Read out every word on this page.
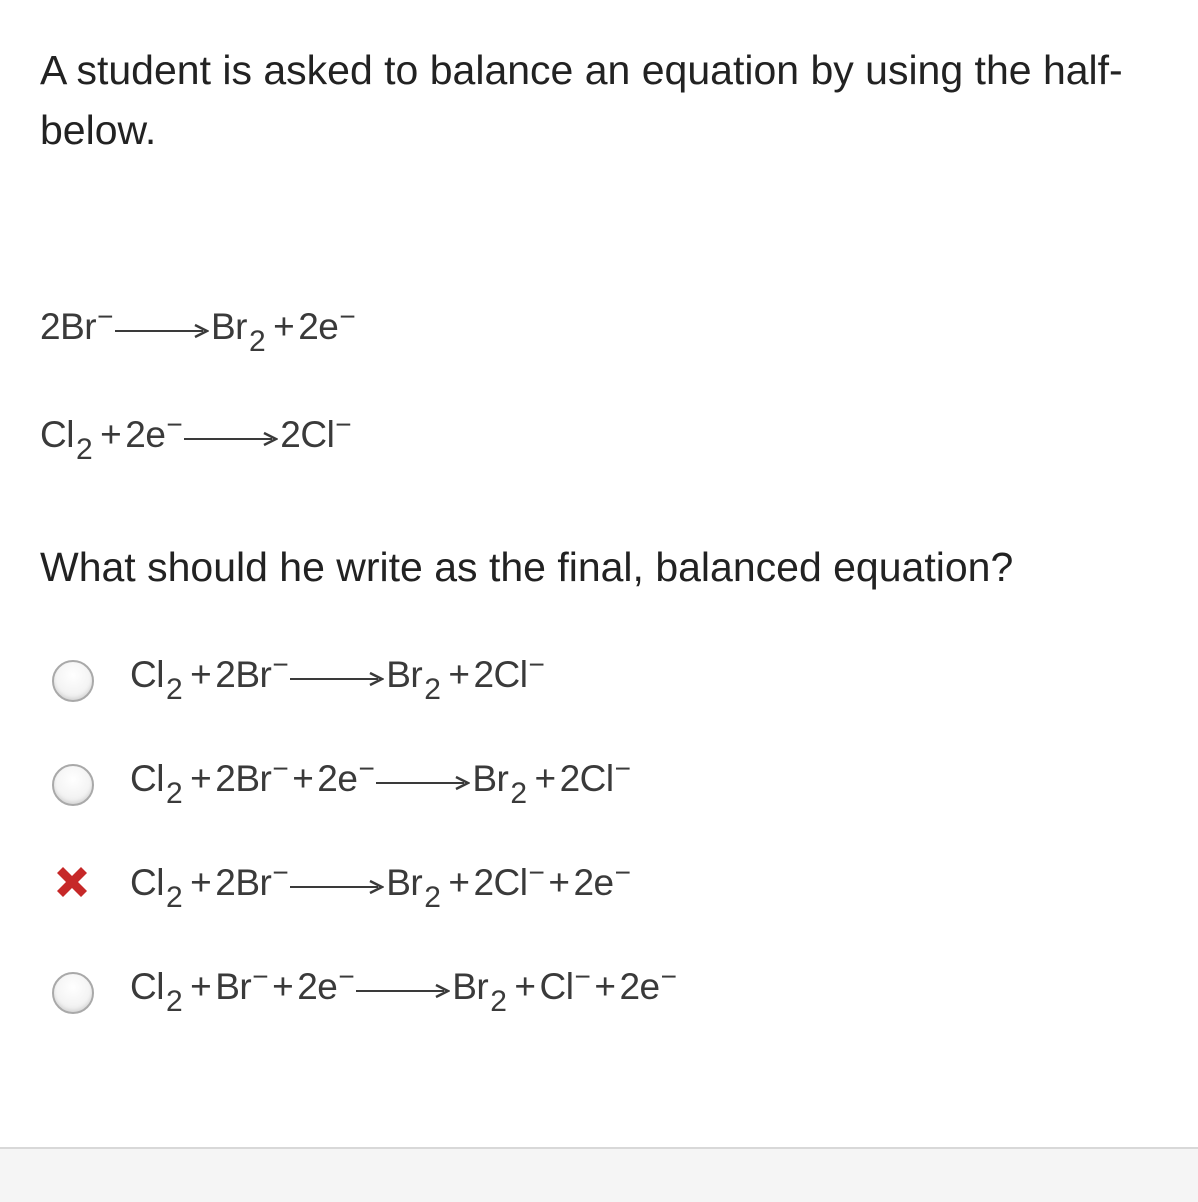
A student is asked to balance an equation by using the half-
below.

$2Br^- \to Br_2 + 2e^-$
$Cl_2 + 2e^- \to 2Cl^-$

What should he write as the final, balanced equation?

$Cl_2 + 2Br^- \to Br_2 + 2Cl^-$
$Cl_2 + 2Br^- + 2e^- \to Br_2 + 2Cl^-$
$Cl_2 + 2Br^- \to Br_2 + 2Cl^- + 2e^-$
$Cl_2 + Br^- + 2e^- \to Br_2 + Cl^- + 2e^-$
